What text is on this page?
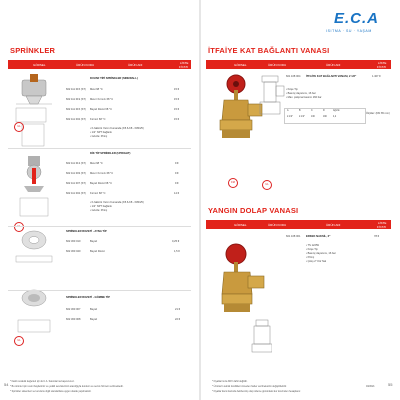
E.C.A
ISITMA · SU · YAŞAM
SPRİNKLER
GÖRSEL	ÜRÜN KODU	ÜRÜN ADI	LİSTE
FİYATI
UL
UL
UL
DUVAR TİPİ SPRİNKLER (SIDEWALL)
602 111 015 (ST) Mavi 68 °C	15 €
602 111 019 (ST) Mavi / Kırmızı 68 °C	15 €
602 111 015 (ST) Beyaz Rozet 68 °C	15 €
602 111 002 (ST) Kırmızı 68 °C	15 €
• K-faktörü Yarım Kumanda (K5.6-K8 - K80/25)
• 1/2" NPT bağlantı
• Gövde: Pirinç
DİK TİP SPRİNKLER (UPRIGHT)
602 111 013 (ST) Mavi 68 °C	9 €
602 111 003 (ST) Mavi / Kırmızı 68 °C	9 €
602 111 007 (ST) Beyaz Rozet 68 °C	9 €
602 111 002 (ST) Kırmızı 68 °C	14 €
• K-faktörü Yarım Kumanda (K5.6-K8 - K80/25)
• 1/2" NPT bağlantı
• Gövde: Pirinç
SPRİNKLER ROZETİ - AYNA TİP
602 300 010	Beyaz	0,25 €
602 300 040	Beyaz Rozet	1,5 €
SPRİNKLER ROZETİ - GÖMME TİP
602 300 007	Beyaz	21 €
602 300 008	Beyaz	22 €
* Farklı sıcaklık değerleri için E.C.A. Satıcılarına başvurunuz.
* Bu ürünler için resmi bayilerimiz ve yetkili servislerimiz aracılığıyla kurulum ve servis hizmeti verilmektedir.
* Sprinkler sistemleri ve kurulumu ilgili standartlara uygun olarak yapılmalıdır.
54
İTFAİYE KAT BAĞLANTI VANASI
GÖRSEL	ÜRÜN KODU	ÜRÜN ADI	LİSTE
FİYATI
601 108 004 İTFAİYE KAT BAĞLANTI VANASI, 2 1/2"	1.407 €
• Köşe Tip
• Basınç dayanımı, 16 bar
• Max. çalışma basıncı 160 bar
A	B	C	D	Ağırlık
2.1/2"	2.1/2"	130	190	4,2
Ölçüler: (DN 65 mm)
FM
UL
YANGIN DOLAP VANASI
GÖRSEL	ÜRÜN KODU	ÜRÜN ADI	LİSTE
FİYATI
601 108 001 ERKEK NAKSİL, 2"	78 €
• TS 12259
• Köşe Tip
• Basınç dayanımı, 16 bar
• Pirinç
• Çıkış 2" Kör Nal
* Fiyatlarımıza KDV dahil değildir.
* Ürünlerin teknik özellikleri önceden haber verilmeksizin değiştirilebilir.
* Fiyatlar Euro bazında belirlenmiş olup ödeme günündeki kur üzerinden hesaplanır.
03/2021	55
